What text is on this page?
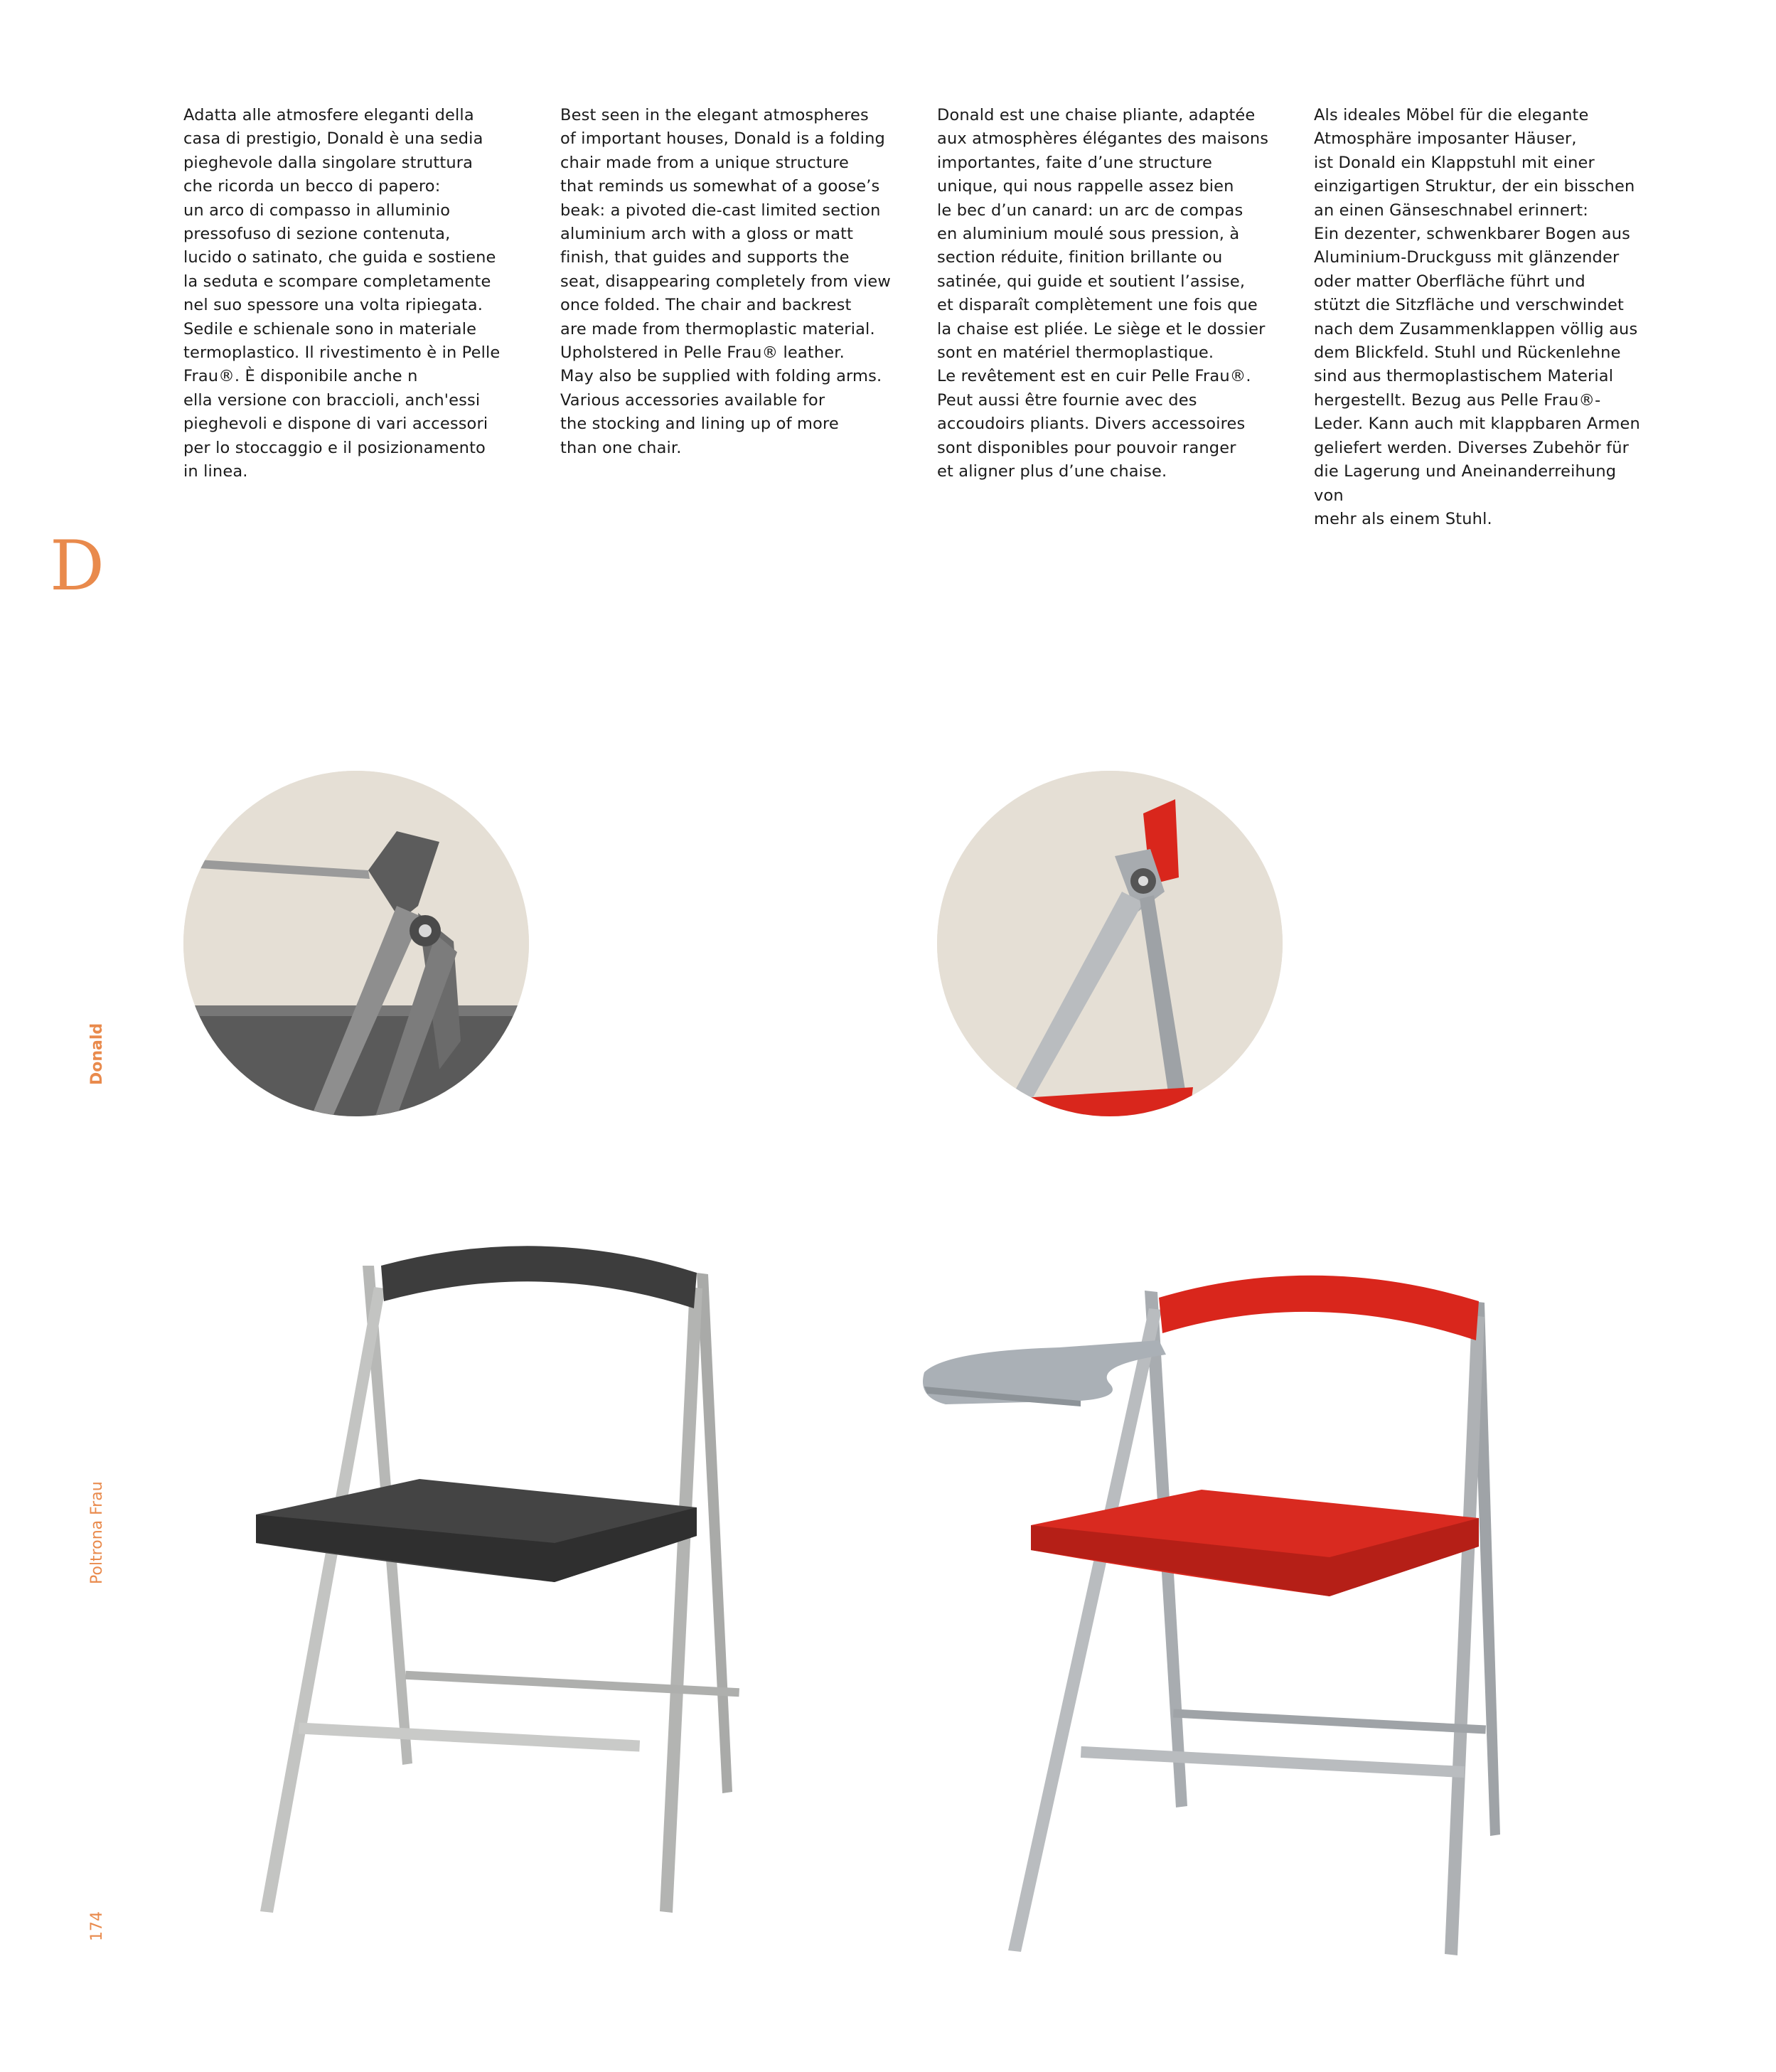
Adatta alle atmosfere eleganti della
casa di prestigio, Donald è una sedia
pieghevole dalla singolare struttura
che ricorda un becco di papero:
un arco di compasso in alluminio
pressofuso di sezione contenuta,
lucido o satinato, che guida e sostiene
la seduta e scompare completamente
nel suo spessore una volta ripiegata.
Sedile e schienale sono in materiale
termoplastico. Il rivestimento è in Pelle
Frau®. È disponibile anche n
ella versione con braccioli, anch'essi
pieghevoli e dispone di vari accessori
per lo stoccaggio e il posizionamento
in linea.
Best seen in the elegant atmospheres
of important houses, Donald is a folding
chair made from a unique structure
that reminds us somewhat of a goose’s
beak: a pivoted die-cast limited section
aluminium arch with a gloss or matt
finish, that guides and supports the
seat, disappearing completely from view
once folded. The chair and backrest
are made from thermoplastic material.
Upholstered in Pelle Frau® leather.
May also be supplied with folding arms.
Various accessories available for
the stocking and lining up of more
than one chair.
Donald est une chaise pliante, adaptée
aux atmosphères élégantes des maisons
importantes, faite d’une structure
unique, qui nous rappelle assez bien
le bec d’un canard: un arc de compas
en aluminium moulé sous pression, à
section réduite, finition brillante ou
satinée, qui guide et soutient l’assise,
et disparaît complètement une fois que
la chaise est pliée. Le siège et le dossier
sont en matériel thermoplastique.
Le revêtement est en cuir Pelle Frau®.
Peut aussi être fournie avec des
accoudoirs pliants. Divers accessoires
sont disponibles pour pouvoir ranger
et aligner plus d’une chaise.
Als ideales Möbel für die elegante
Atmosphäre imposanter Häuser,
ist Donald ein Klappstuhl mit einer
einzigartigen Struktur, der ein bisschen
an einen Gänseschnabel erinnert:
Ein dezenter, schwenkbarer Bogen aus
Aluminium-Druckguss mit glänzender
oder matter Oberfläche führt und
stützt die Sitzfläche und verschwindet
nach dem Zusammenklappen völlig aus
dem Blickfeld. Stuhl und Rückenlehne
sind aus thermoplastischem Material
hergestellt. Bezug aus Pelle Frau®-
Leder. Kann auch mit klappbaren Armen
geliefert werden. Diverses Zubehör für
die Lagerung und Aneinanderreihung von
mehr als einem Stuhl.
D
Donald
Poltrona Frau
174
